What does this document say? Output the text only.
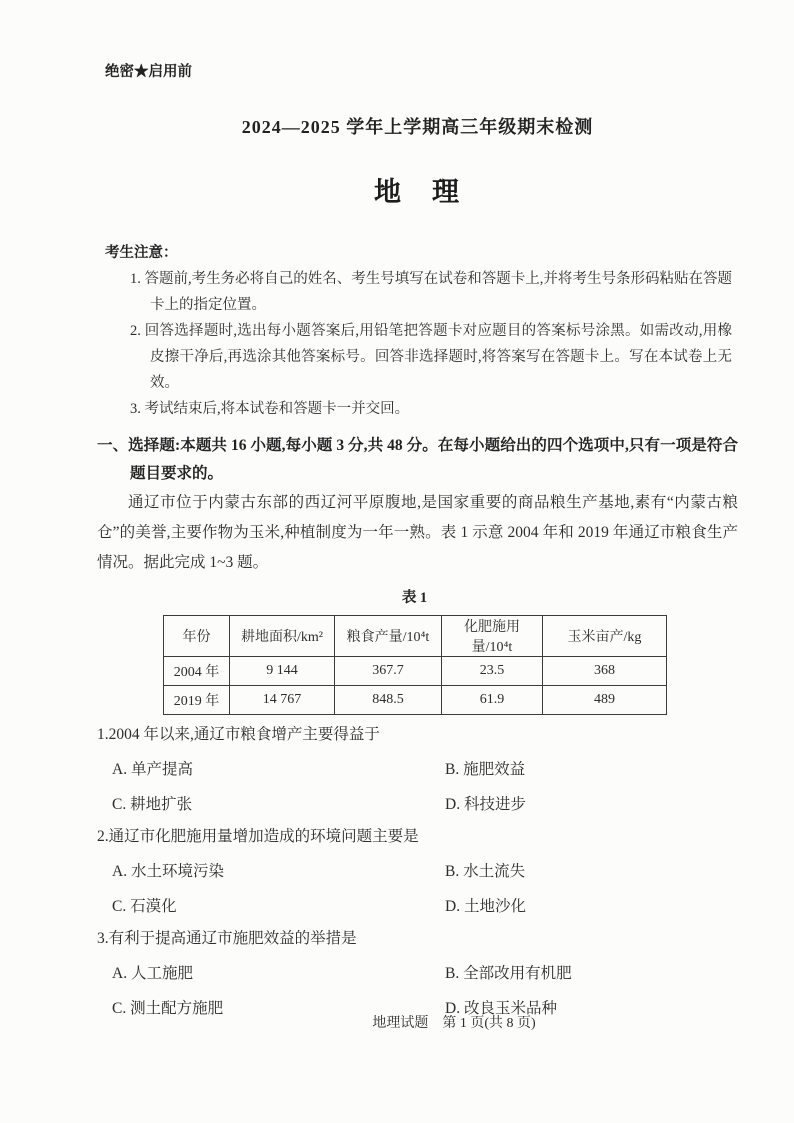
绝密★启用前
2024—2025 学年上学期高三年级期末检测
地　理
考生注意：
1. 答题前,考生务必将自己的姓名、考生号填写在试卷和答题卡上,并将考生号条形码粘贴在答题卡上的指定位置。
2. 回答选择题时,选出每小题答案后,用铅笔把答题卡对应题目的答案标号涂黑。如需改动,用橡皮擦干净后,再选涂其他答案标号。回答非选择题时,将答案写在答题卡上。写在本试卷上无效。
3. 考试结束后,将本试卷和答题卡一并交回。
一、选择题:本题共 16 小题,每小题 3 分,共 48 分。在每小题给出的四个选项中,只有一项是符合题目要求的。
通辽市位于内蒙古东部的西辽河平原腹地,是国家重要的商品粮生产基地,素有“内蒙古粮仓”的美誉,主要作物为玉米,种植制度为一年一熟。表 1 示意 2004 年和 2019 年通辽市粮食生产情况。据此完成 1~3 题。
表 1
年份	耕地面积/km²	粮食产量/10⁴t	化肥施用量/10⁴t	玉米亩产/kg
2004 年	9 144	367.7	23.5	368
2019 年	14 767	848.5	61.9	489
1.2004 年以来,通辽市粮食增产主要得益于
A. 单产提高	B. 施肥效益
C. 耕地扩张	D. 科技进步
2.通辽市化肥施用量增加造成的环境问题主要是
A. 水土环境污染	B. 水土流失
C. 石漠化	D. 土地沙化
3.有利于提高通辽市施肥效益的举措是
A. 人工施肥	B. 全部改用有机肥
C. 测土配方施肥	D. 改良玉米品种
地理试题　第 1 页(共 8 页)
